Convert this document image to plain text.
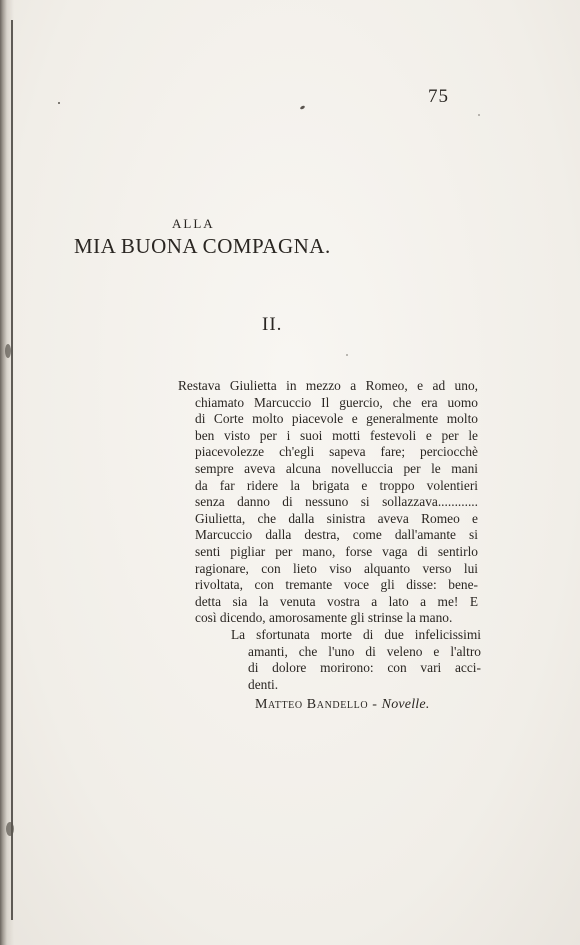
75
ALLA
MIA BUONA COMPAGNA.
II.
Restava Giulietta in mezzo a Romeo, e ad uno,
chiamato Marcuccio Il guercio, che era uomo
di Corte molto piacevole e generalmente molto
ben visto per i suoi motti festevoli e per le
piacevolezze ch'egli sapeva fare; perciocchè
sempre aveva alcuna novelluccia per le mani
da far ridere la brigata e troppo volentieri
senza danno di nessuno si sollazzava............
Giulietta, che dalla sinistra aveva Romeo e
Marcuccio dalla destra, come dall'amante si
senti pigliar per mano, forse vaga di sentirlo
ragionare, con lieto viso alquanto verso lui
rivoltata, con tremante voce gli disse: bene-
detta sia la venuta vostra a lato a me! E
così dicendo, amorosamente gli strinse la mano.
La sfortunata morte di due infelicissimi
amanti, che l'uno di veleno e l'altro
di dolore morirono: con vari acci-
denti.
Matteo Bandello - Novelle.
